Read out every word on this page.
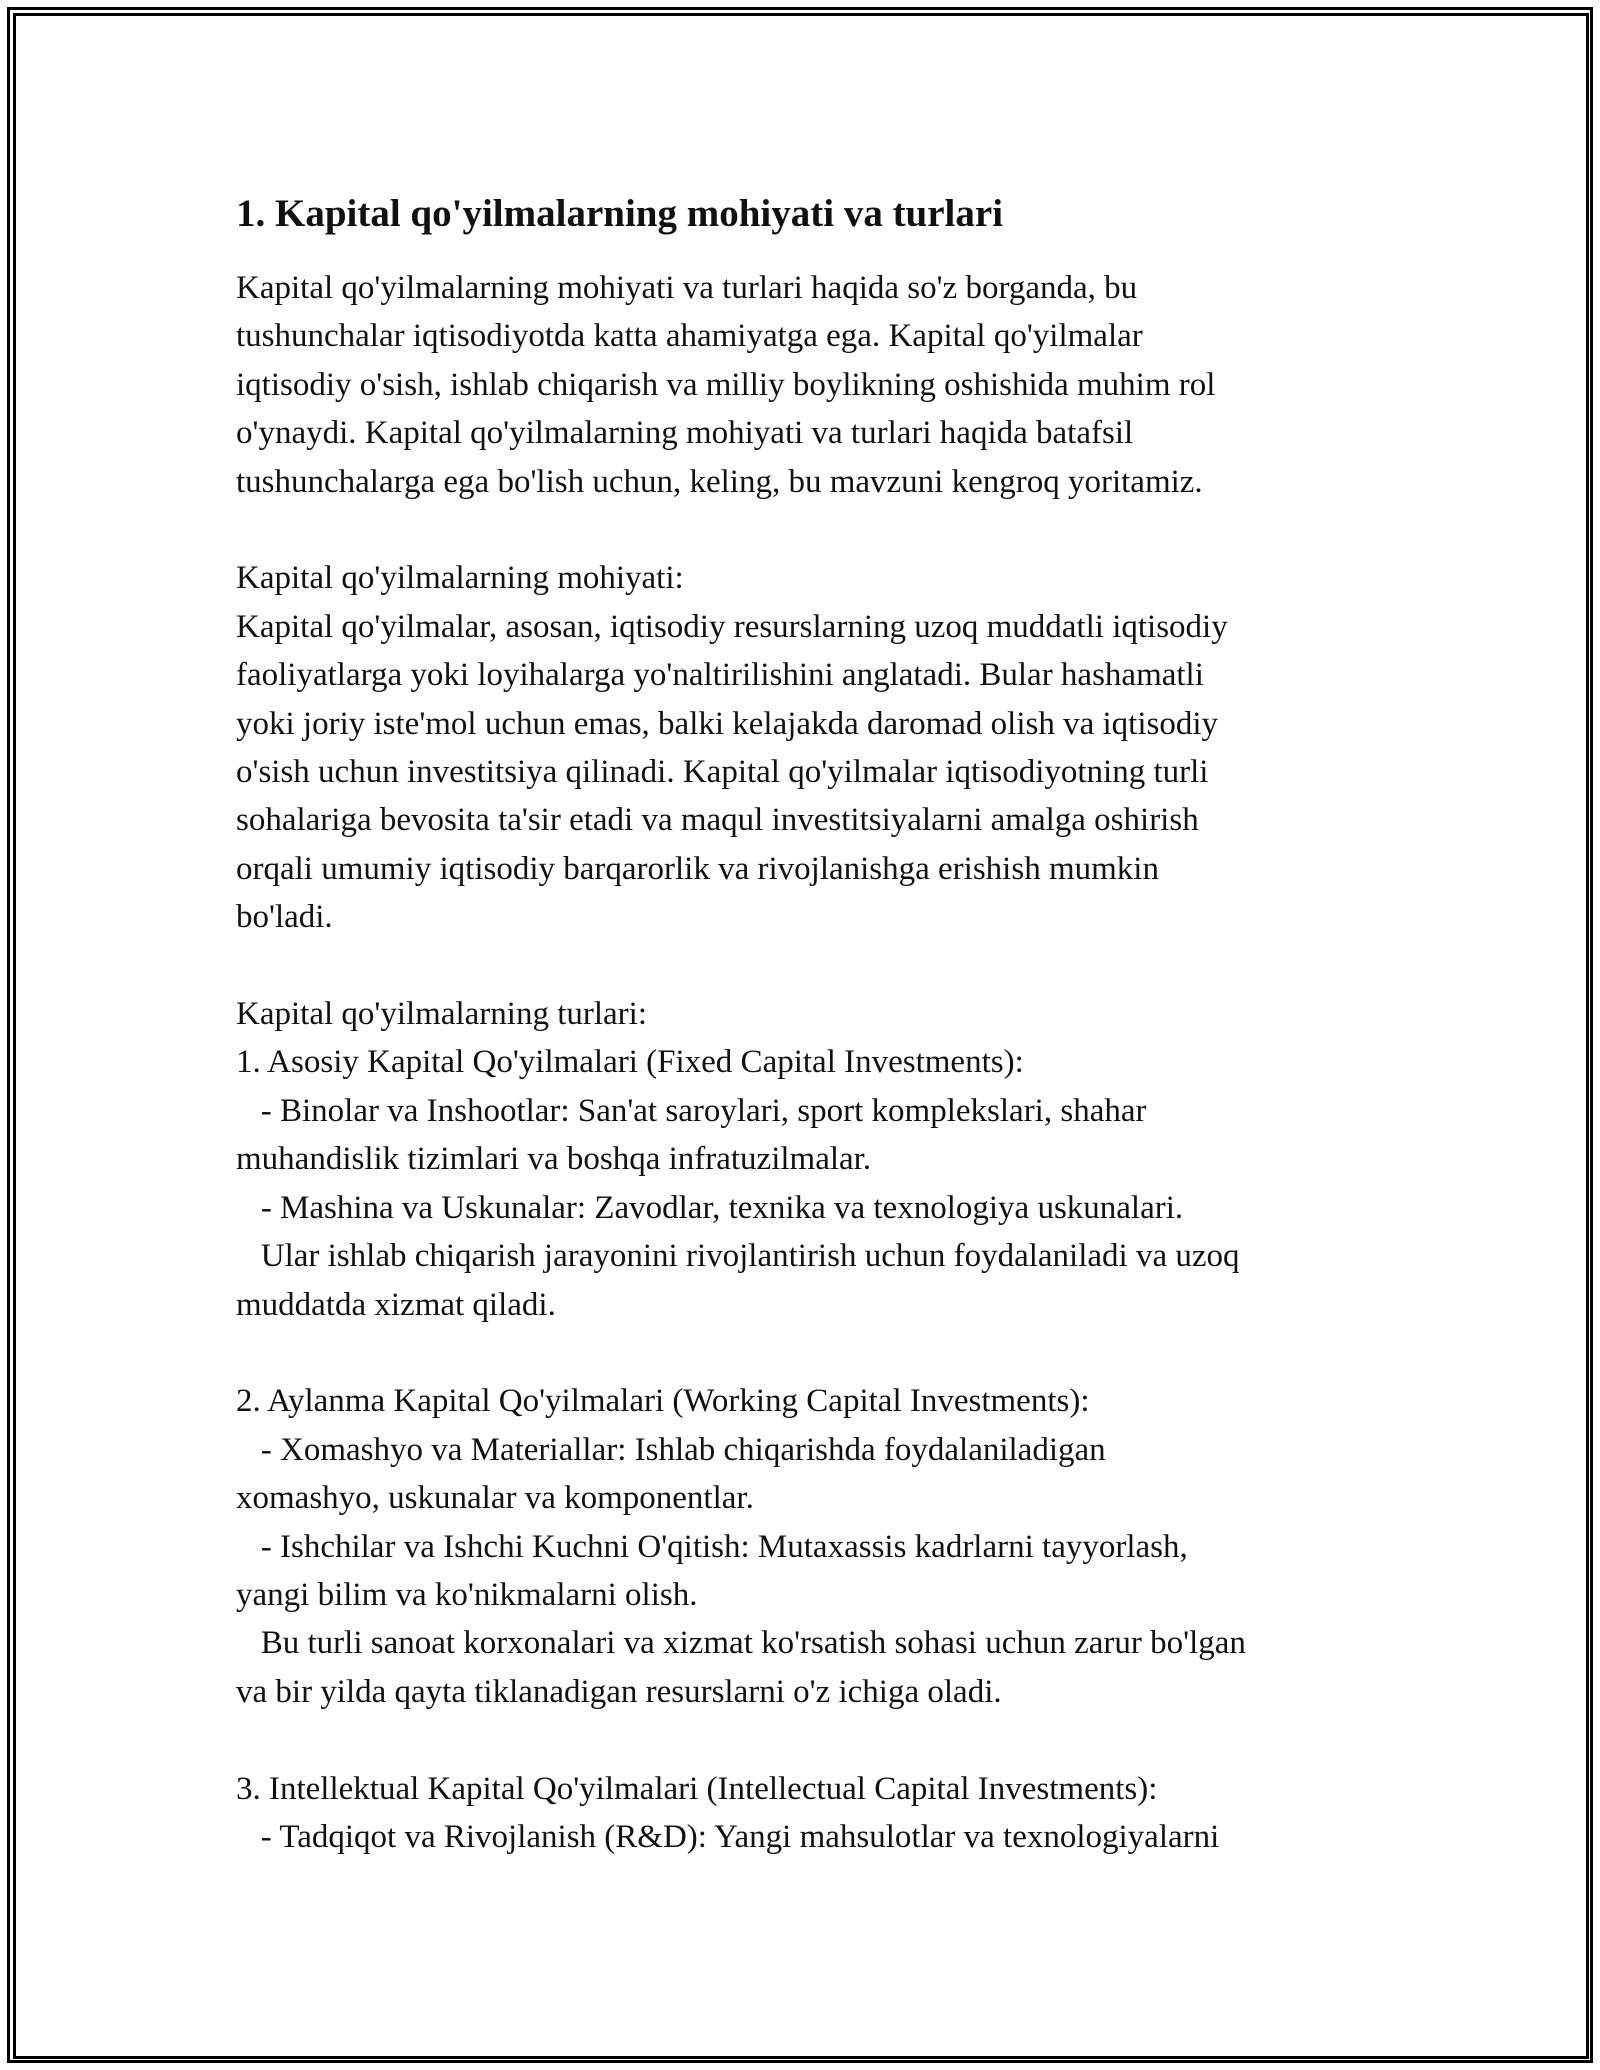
1. Kapital qo'yilmalarning mohiyati va turlari

Kapital qo'yilmalarning mohiyati va turlari haqida so'z borganda, bu

tushunchalar iqtisodiyotda katta ahamiyatga ega. Kapital qo'yilmalar

iqtisodiy o'sish, ishlab chiqarish va milliy boylikning oshishida muhim rol

o'ynaydi. Kapital qo'yilmalarning mohiyati va turlari haqida batafsil

tushunchalarga ega bo'lish uchun, keling, bu mavzuni kengroq yoritamiz.

Kapital qo'yilmalarning mohiyati:

Kapital qo'yilmalar, asosan, iqtisodiy resurslarning uzoq muddatli iqtisodiy

faoliyatlarga yoki loyihalarga yo'naltirilishini anglatadi. Bular hashamatli

yoki joriy iste'mol uchun emas, balki kelajakda daromad olish va iqtisodiy

o'sish uchun investitsiya qilinadi. Kapital qo'yilmalar iqtisodiyotning turli

sohalariga bevosita ta'sir etadi va maqul investitsiyalarni amalga oshirish

orqali umumiy iqtisodiy barqarorlik va rivojlanishga erishish mumkin

bo'ladi.

Kapital qo'yilmalarning turlari:

1. Asosiy Kapital Qo'yilmalari (Fixed Capital Investments):

- Binolar va Inshootlar: San'at saroylari, sport komplekslari, shahar

muhandislik tizimlari va boshqa infratuzilmalar.

- Mashina va Uskunalar: Zavodlar, texnika va texnologiya uskunalari.

Ular ishlab chiqarish jarayonini rivojlantirish uchun foydalaniladi va uzoq

muddatda xizmat qiladi.

2. Aylanma Kapital Qo'yilmalari (Working Capital Investments):

- Xomashyo va Materiallar: Ishlab chiqarishda foydalaniladigan

xomashyo, uskunalar va komponentlar.

- Ishchilar va Ishchi Kuchni O'qitish: Mutaxassis kadrlarni tayyorlash,

yangi bilim va ko'nikmalarni olish.

Bu turli sanoat korxonalari va xizmat ko'rsatish sohasi uchun zarur bo'lgan

va bir yilda qayta tiklanadigan resurslarni o'z ichiga oladi.

3. Intellektual Kapital Qo'yilmalari (Intellectual Capital Investments):

- Tadqiqot va Rivojlanish (R&D): Yangi mahsulotlar va texnologiyalarni
